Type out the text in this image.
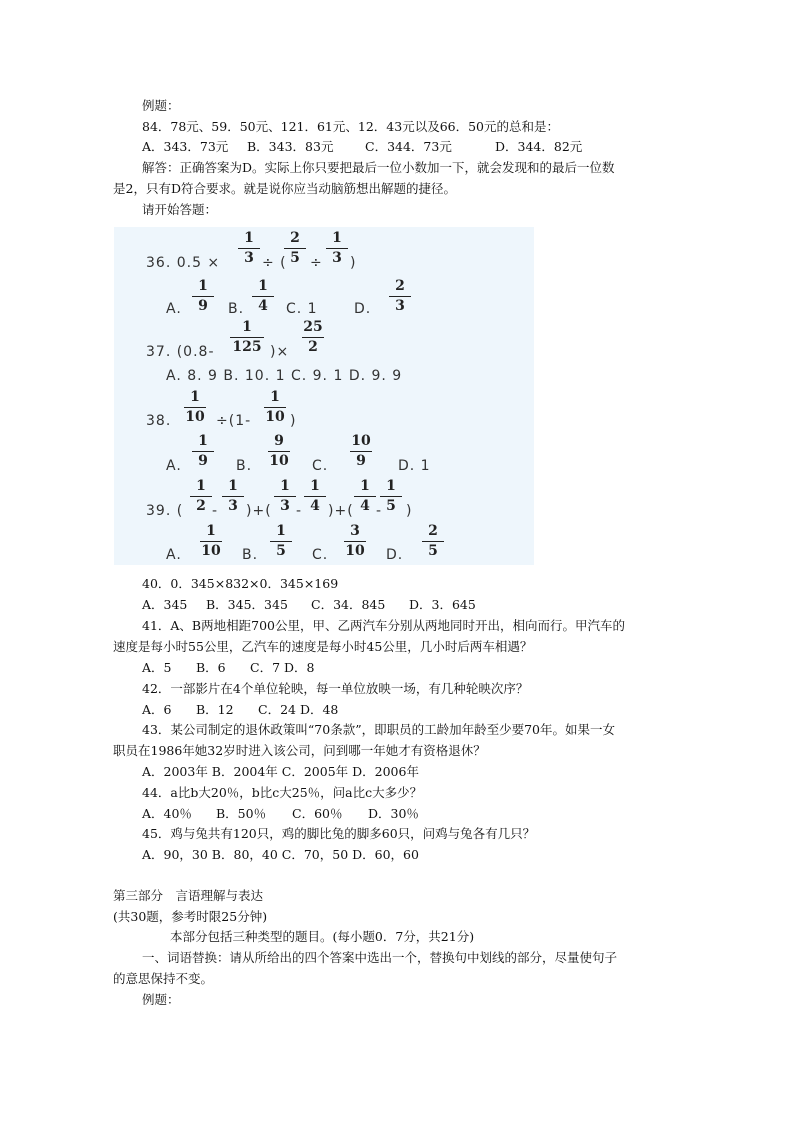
例题：
84．78元、59．50元、121．61元、12．43元以及66．50元的总和是：
A．343．73元 B．343．83元	C．344．73元	D．344．82元
解答：正确答案为D。实际上你只要把最后一位小数加一下，就会发现和的最后一位数
是2，只有D符合要求。就是说你应当动脑筋想出解题的捷径。
请开始答题：
36. 0.5 ×
1
3 ÷ (
2
5 ÷
1
3 )
A.
1
9	B.
1
4	C. 1	D.
2
3
37. (0.8-
1
125 )×
25
2
A. 8. 9 B. 10. 1 C. 9. 1 D. 9. 9
38.
1
10 ÷(1-
1
10 )
A.
1
9	B.
9
10 C.
10
9	D. 1
39. (
1
2 -
1
3 )+(
1
3 -
1
4 )+(
1
4 -
1
5 )
A.
1
10 B.
1
5	C.
3
10 D.
2
5
40．0．345×832×0．345×169
A．345 B．345．345 C．34．845 D．3．645
41．A、B两地相距700公里，甲、乙两汽车分别从两地同时开出，相向而行。甲汽车的
速度是每小时55公里，乙汽车的速度是每小时45公里，几小时后两车相遇？
A．5 B．6 C．7 D．8
42．一部影片在4个单位轮映，每一单位放映一场，有几种轮映次序？
A．6 B．12 C．24 D．48
43．某公司制定的退休政策叫“70条款”，即职员的工龄加年龄至少要70年。如果一女
职员在1986年她32岁时进入该公司，问到哪一年她才有资格退休？
A．2003年 B．2004年 C．2005年 D．2006年
44．a比b大20％，b比c大25％，问a比c大多少？
A．40％ B．50％ C．60％ D．30％
45．鸡与兔共有120只，鸡的脚比兔的脚多60只，问鸡与兔各有几只？
A．90，30 B．80，40 C．70，50 D．60，60
第三部分　言语理解与表达
(共30题，参考时限25分钟)
本部分包括三种类型的题目。(每小题0．7分，共21分)
一、词语替换：请从所给出的四个答案中选出一个，替换句中划线的部分，尽量使句子
的意思保持不变。
例题：
